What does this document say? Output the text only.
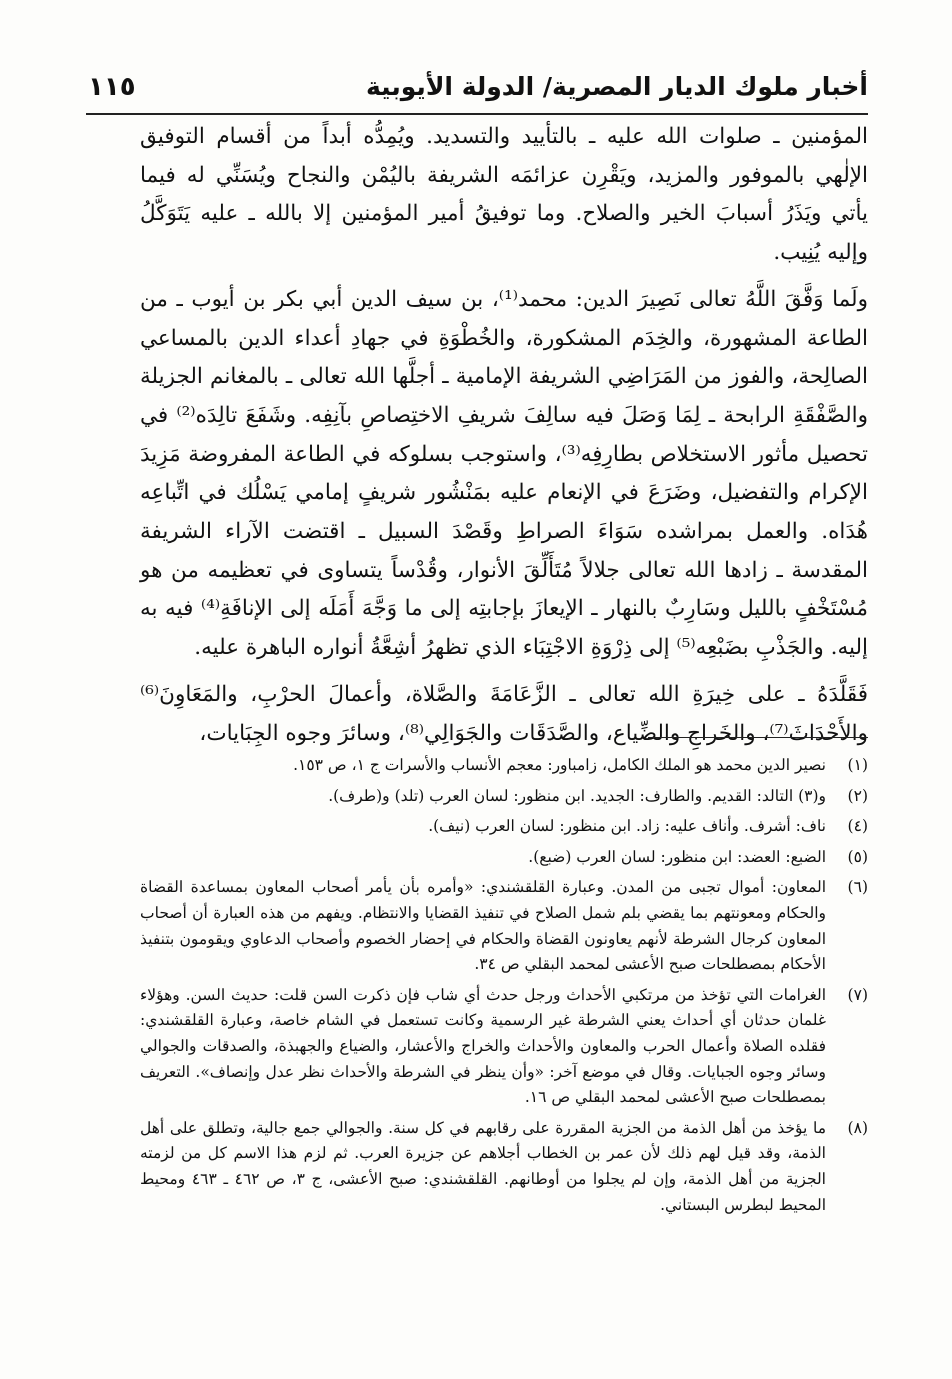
أخبار ملوك الديار المصرية/ الدولة الأيوبية
١١٥

المؤمنين ـ صلوات الله عليه ـ بالتأييد والتسديد. ويُمِدُّه أبداً من أقسام التوفيق الإلٰهي بالموفور والمزيد، ويَقْرِن عزائمَه الشريفة باليُمْن والنجاح ويُسَنِّي له فيما يأتي ويَذَرُ أسبابَ الخير والصلاح. وما توفيقُ أمير المؤمنين إلا بالله ـ عليه يَتَوَكَّلُ وإليه يُنِيب.

ولَما وَفَّقَ اللَّهُ تعالى نَصِيرَ الدين: محمد⁽¹⁾، بن سيف الدين أبي بكر بن أيوب ـ من الطاعة المشهورة، والخِدَم المشكورة، والخُطْوَةِ في جهادِ أعداء الدين بالمساعي الصالِحة، والفوز من المَرَاضِي الشريفة الإمامية ـ أجلَّها الله تعالى ـ بالمغانم الجزيلة والصَّفْقَةِ الرابحة ـ لِمَا وَصَلَ فيه سالِفَ شريفِ الاختِصاصِ بآنِفِه. وشَفَعَ تالِدَه⁽²⁾ في تحصيل مأثور الاستخلاص بطارِفِه⁽³⁾، واستوجب بسلوكه في الطاعة المفروضة مَزِيدَ الإكرام والتفضيل، وضَرَعَ في الإنعام عليه بمَنْشُور شريفٍ إمامي يَسْلُك في اتِّباعِه هُدَاه. والعمل بمراشده سَوَاءَ الصراطِ وقَصْدَ السبيل ـ اقتضت الآراء الشريفة المقدسة ـ زادها الله تعالى جلالاً مُتَأَلِّقَ الأنوار، وقُدْساً يتساوى في تعظيمه من هو مُسْتَخْفٍ بالليل وسَارِبٌ بالنهار ـ الإيعازَ بإجابتِه إلى ما وَجَّهَ أَمَلَه إلى الإنافَةِ⁽⁴⁾ فيه به إليه. والجَذْبِ بضَبْعِه⁽⁵⁾ إلى ذِرْوَةِ الاجْتِبَاء الذي تظهرُ أشِعَّةُ أنواره الباهرة عليه.

فَقَلَّدَهُ ـ على خِيرَةِ الله تعالى ـ الزَّعَامَةَ والصَّلاة، وأعمالَ الحرْبِ، والمَعَاوِنَ⁽⁶⁾ والأَحْدَاثَ⁽⁷⁾، والخَراجِ والضِّياع، والصَّدَقَات والجَوَالِي⁽⁸⁾، وسائرَ وجوه الجِبَايات،

(١)
نصير الدين محمد هو الملك الكامل، زامباور: معجم الأنساب والأسرات ج ١، ص ١٥٣.
(٢)
و(٣) التالد: القديم. والطارف: الجديد. ابن منظور: لسان العرب (تلد) و(طرف).
(٤)
ناف: أشرف. وأناف عليه: زاد. ابن منظور: لسان العرب (نيف).
(٥)
الضبع: العضد: ابن منظور: لسان العرب (ضبع).
(٦)
المعاون: أموال تجبى من المدن. وعبارة القلقشندي: «وأمره بأن يأمر أصحاب المعاون بمساعدة القضاة والحكام ومعونتهم بما يقضي بلم شمل الصلاح في تنفيذ القضايا والانتظام. ويفهم من هذه العبارة أن أصحاب المعاون كرجال الشرطة لأنهم يعاونون القضاة والحكام في إحضار الخصوم وأصحاب الدعاوي ويقومون بتنفيذ الأحكام بمصطلحات صبح الأعشى لمحمد البقلي ص ٣٤.
(٧)
الغرامات التي تؤخذ من مرتكبي الأحداث ورجل حدث أي شاب فإن ذكرت السن قلت: حديث السن. وهؤلاء غلمان حدثان أي أحداث يعني الشرطة غير الرسمية وكانت تستعمل في الشام خاصة، وعبارة القلقشندي: فقلده الصلاة وأعمال الحرب والمعاون والأحداث والخراج والأعشار، والضياع والجهبذة، والصدقات والجوالي وسائر وجوه الجبايات. وقال في موضع آخر: «وأن ينظر في الشرطة والأحداث نظر عدل وإنصاف». التعريف بمصطلحات صبح الأعشى لمحمد البقلي ص ١٦.
(٨)
ما يؤخذ من أهل الذمة من الجزية المقررة على رقابهم في كل سنة. والجوالي جمع جالية، وتطلق على أهل الذمة، وقد قيل لهم ذلك لأن عمر بن الخطاب أجلاهم عن جزيرة العرب. ثم لزم هذا الاسم كل من لزمته الجزية من أهل الذمة، وإن لم يجلوا من أوطانهم. القلقشندي: صبح الأعشى، ج ٣، ص ٤٦٢ ـ ٤٦٣ ومحيط المحيط لبطرس البستاني.
